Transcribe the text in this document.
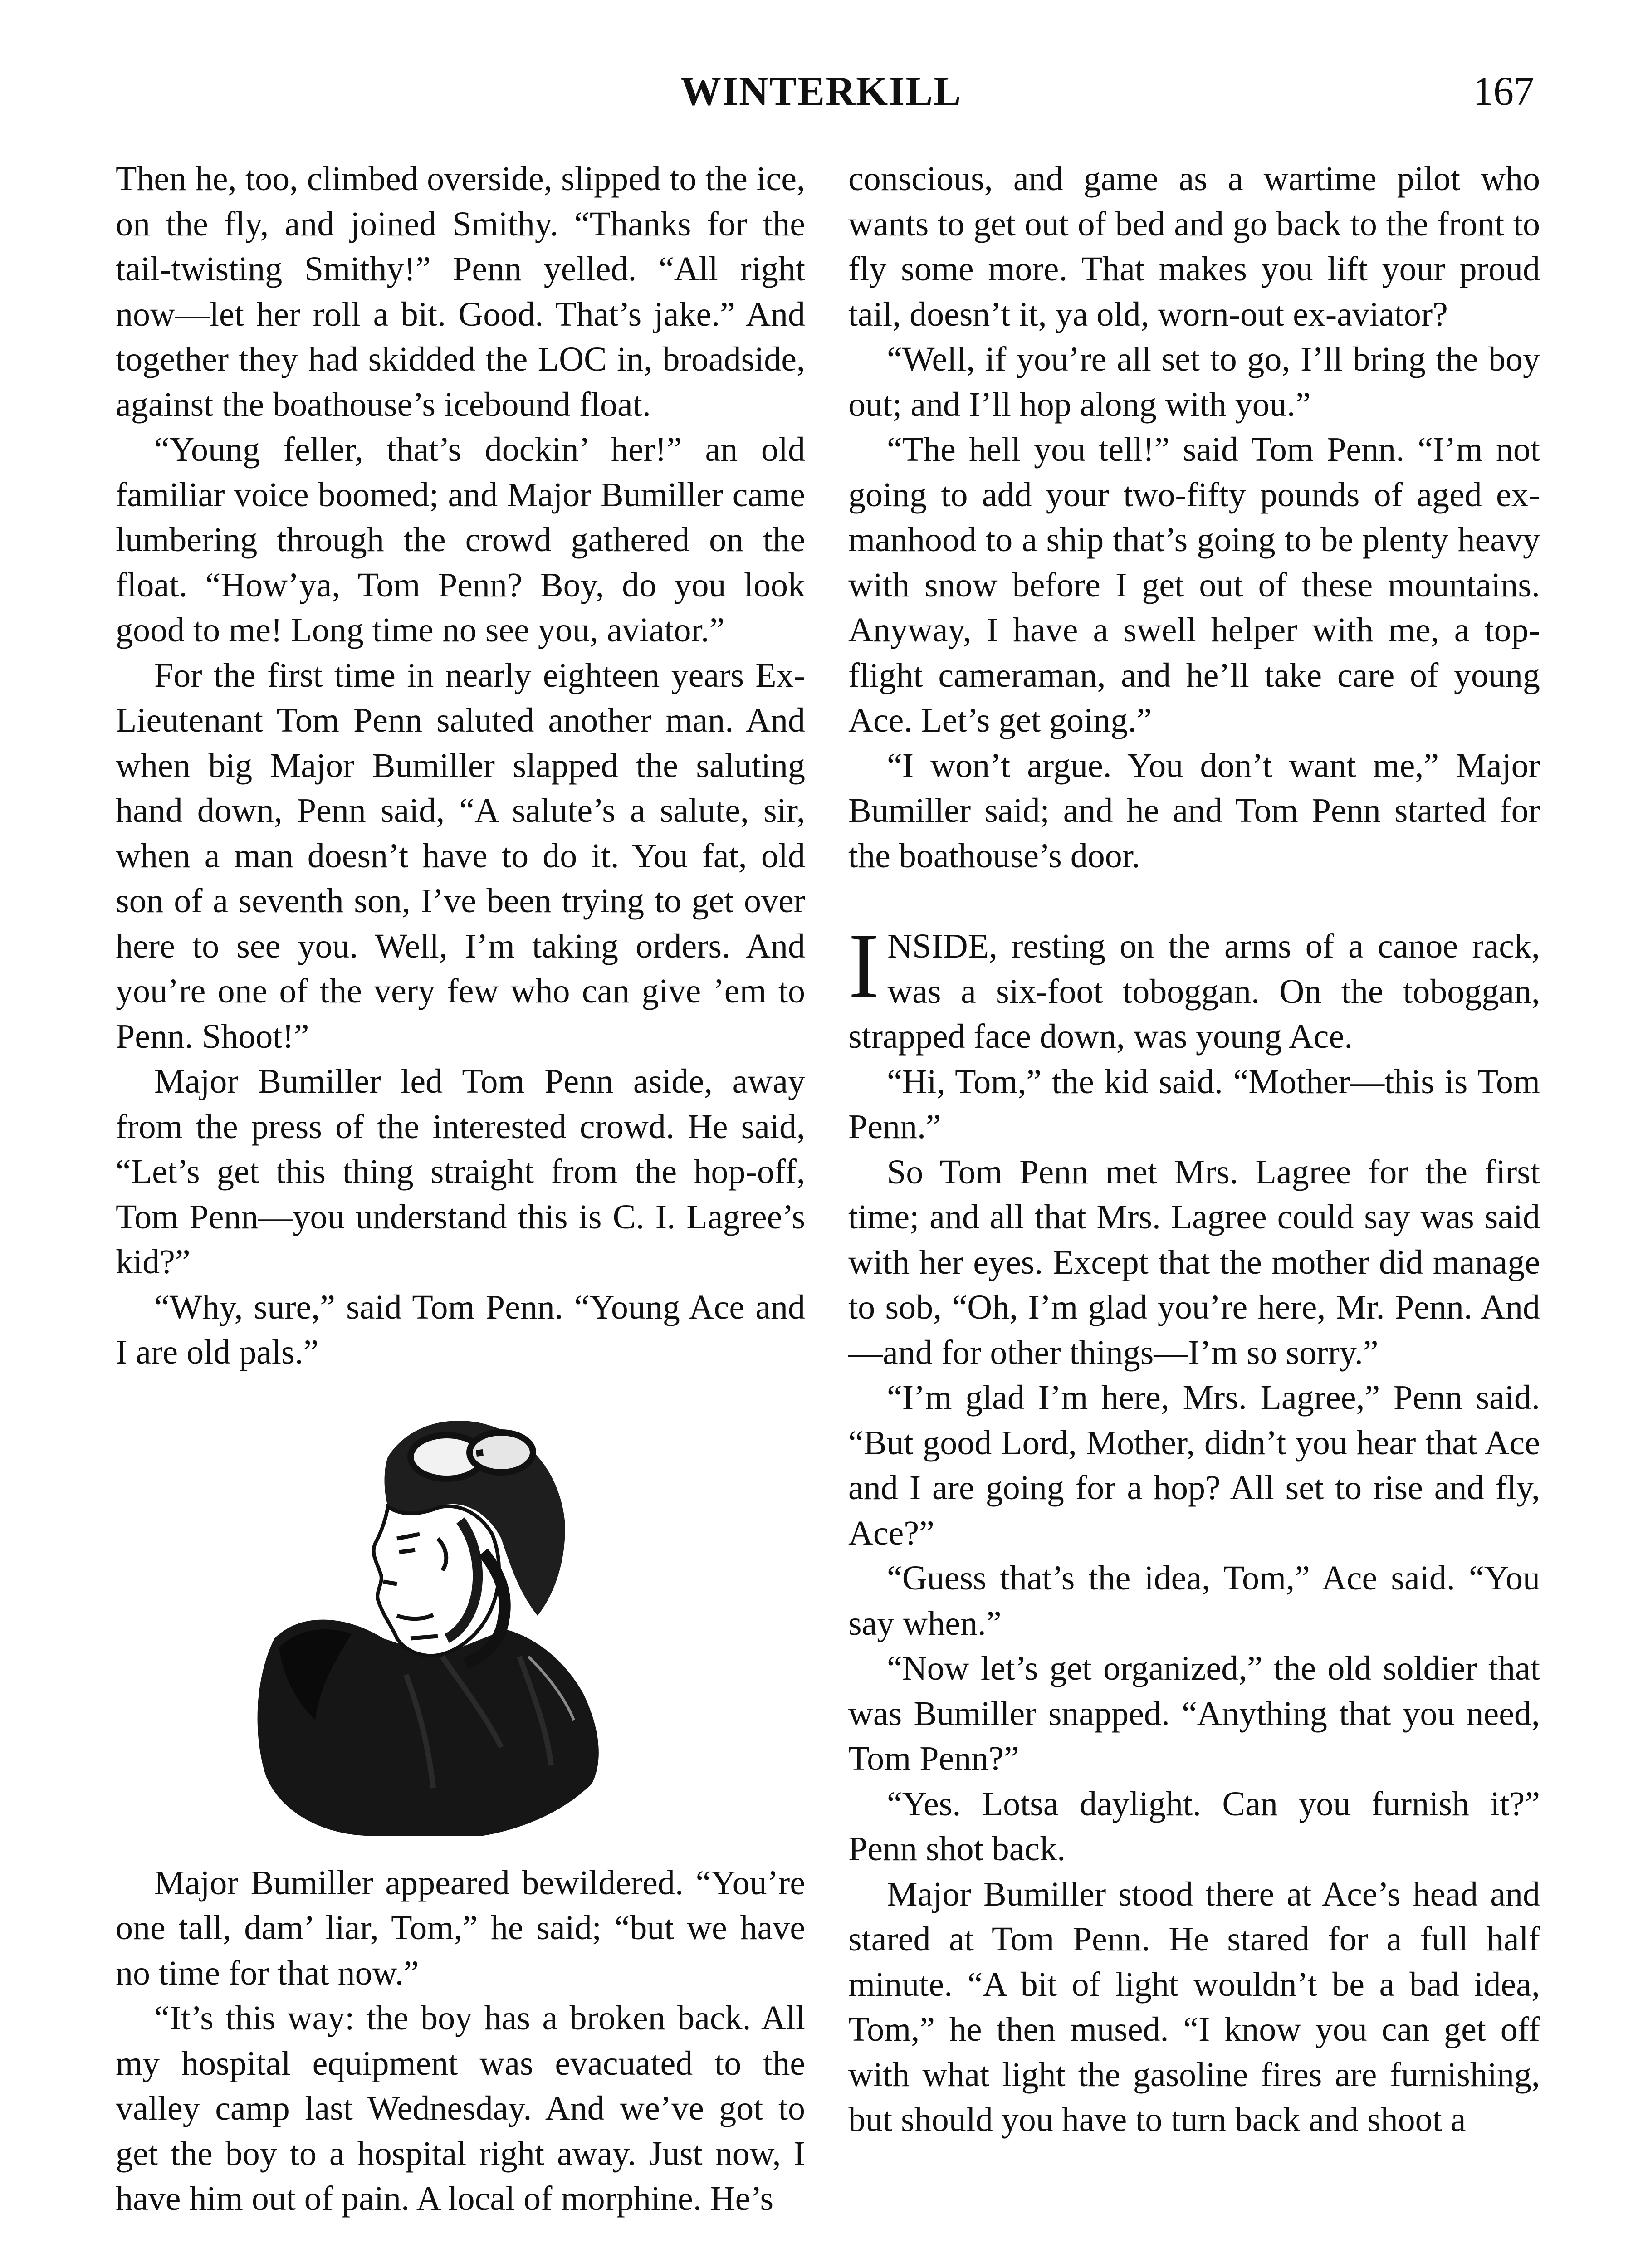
WINTERKILL	167

Then he, too, climbed overside, slipped to the ice, on the fly, and joined Smithy. “Thanks for the tail-twisting Smithy!” Penn yelled. “All right now—let her roll a bit. Good. That’s jake.” And together they had skidded the LOC in, broadside, against the boathouse’s icebound float.

“Young feller, that’s dockin’ her!” an old familiar voice boomed; and Major Bumiller came lumbering through the crowd gathered on the float. “How’ya, Tom Penn? Boy, do you look good to me! Long time no see you, aviator.”

For the first time in nearly eighteen years Ex-Lieutenant Tom Penn saluted another man. And when big Major Bumiller slapped the saluting hand down, Penn said, “A salute’s a salute, sir, when a man doesn’t have to do it. You fat, old son of a seventh son, I’ve been trying to get over here to see you. Well, I’m taking orders. And you’re one of the very few who can give ’em to Penn. Shoot!”

Major Bumiller led Tom Penn aside, away from the press of the interested crowd. He said, “Let’s get this thing straight from the hop-off, Tom Penn—you understand this is C. I. Lagree’s kid?”

“Why, sure,” said Tom Penn. “Young Ace and I are old pals.”

Major Bumiller appeared bewildered. “You’re one tall, dam’ liar, Tom,” he said; “but we have no time for that now.”

“It’s this way: the boy has a broken back. All my hospital equipment was evacuated to the valley camp last Wednesday. And we’ve got to get the boy to a hospital right away. Just now, I have him out of pain. A local of morphine. He’s

conscious, and game as a wartime pilot who wants to get out of bed and go back to the front to fly some more. That makes you lift your proud tail, doesn’t it, ya old, worn-out ex-aviator?

“Well, if you’re all set to go, I’ll bring the boy out; and I’ll hop along with you.”

“The hell you tell!” said Tom Penn. “I’m not going to add your two-fifty pounds of aged ex-manhood to a ship that’s going to be plenty heavy with snow before I get out of these mountains. Anyway, I have a swell helper with me, a top-flight cameraman, and he’ll take care of young Ace. Let’s get going.”

“I won’t argue. You don’t want me,” Major Bumiller said; and he and Tom Penn started for the boathouse’s door.

INSIDE, resting on the arms of a canoe rack, was a six-foot toboggan. On the toboggan, strapped face down, was young Ace.

“Hi, Tom,” the kid said. “Mother—this is Tom Penn.”

So Tom Penn met Mrs. Lagree for the first time; and all that Mrs. Lagree could say was said with her eyes. Except that the mother did manage to sob, “Oh, I’m glad you’re here, Mr. Penn. And—and for other things—I’m so sorry.”

“I’m glad I’m here, Mrs. Lagree,” Penn said. “But good Lord, Mother, didn’t you hear that Ace and I are going for a hop? All set to rise and fly, Ace?”

“Guess that’s the idea, Tom,” Ace said. “You say when.”

“Now let’s get organized,” the old soldier that was Bumiller snapped. “Anything that you need, Tom Penn?”

“Yes. Lotsa daylight. Can you furnish it?” Penn shot back.

Major Bumiller stood there at Ace’s head and stared at Tom Penn. He stared for a full half minute. “A bit of light wouldn’t be a bad idea, Tom,” he then mused. “I know you can get off with what light the gasoline fires are furnishing, but should you have to turn back and shoot a
